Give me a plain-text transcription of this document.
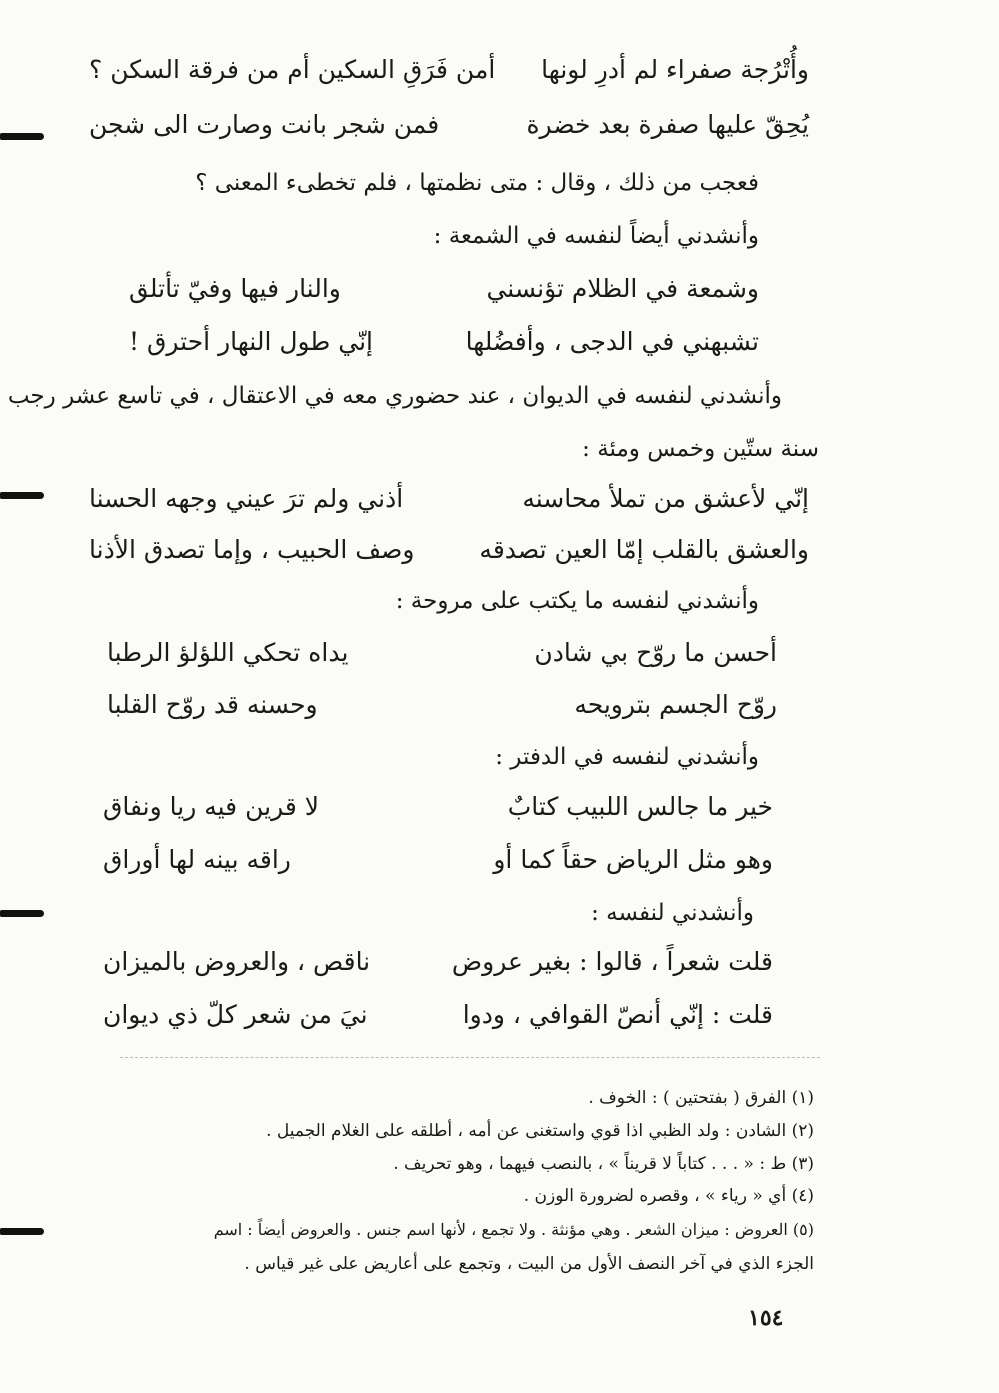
وأُتْرُجة صفراء لم أدرِ لونها
أمن فَرَقِ السكين أم من فرقة السكن ؟
يُحِقّ عليها صفرة بعد خضرة
فمن شجر بانت وصارت الى شجن
فعجب من ذلك ، وقال : متى نظمتها ، فلم تخطىء المعنى ؟
وأنشدني أيضاً لنفسه في الشمعة :
وشمعة في الظلام تؤنسني
والنار فيها وفيّ تأتلق
تشبهني في الدجى ، وأفضُلها
إنّي طول النهار أحترق !
وأنشدني لنفسه في الديوان ، عند حضوري معه في الاعتقال ، في تاسع عشر رجب
سنة ستّين وخمس ومئة :
إنّي لأعشق من تملأ محاسنه
أذني ولم ترَ عيني وجهه الحسنا
والعشق بالقلب إمّا العين تصدقه
وصف الحبيب ، وإما تصدق الأذنا
وأنشدني لنفسه ما يكتب على مروحة :
أحسن ما روّح بي شادن
يداه تحكي اللؤلؤ الرطبا
روّح الجسم بترويحه
وحسنه قد روّح القلبا
وأنشدني لنفسه في الدفتر :
خير ما جالس اللبيب كتابٌ
لا قرين فيه ريا ونفاق
وهو مثل الرياض حقاً كما أو
راقه بينه لها أوراق
وأنشدني لنفسه :
قلت شعراً ، قالوا : بغير عروض
ناقص ، والعروض بالميزان
قلت : إنّي أنصّ القوافي ، ودوا
نيَ من شعر كلّ ذي ديوان
(١) الفرق ( بفتحتين ) : الخوف .
(٢) الشادن : ولد الظبي اذا قوي واستغنى عن أمه ، أطلقه على الغلام الجميل .
(٣) ط : « . . . كتاباً لا قريناً » ، بالنصب فيهما ، وهو تحريف .
(٤) أي « رياء » ، وقصره لضرورة الوزن .
(٥) العروض : ميزان الشعر . وهي مؤنثة . ولا تجمع ، لأنها اسم جنس . والعروض أيضاً : اسم
الجزء الذي في آخر النصف الأول من البيت ، وتجمع على أعاريض على غير قياس .
١٥٤
